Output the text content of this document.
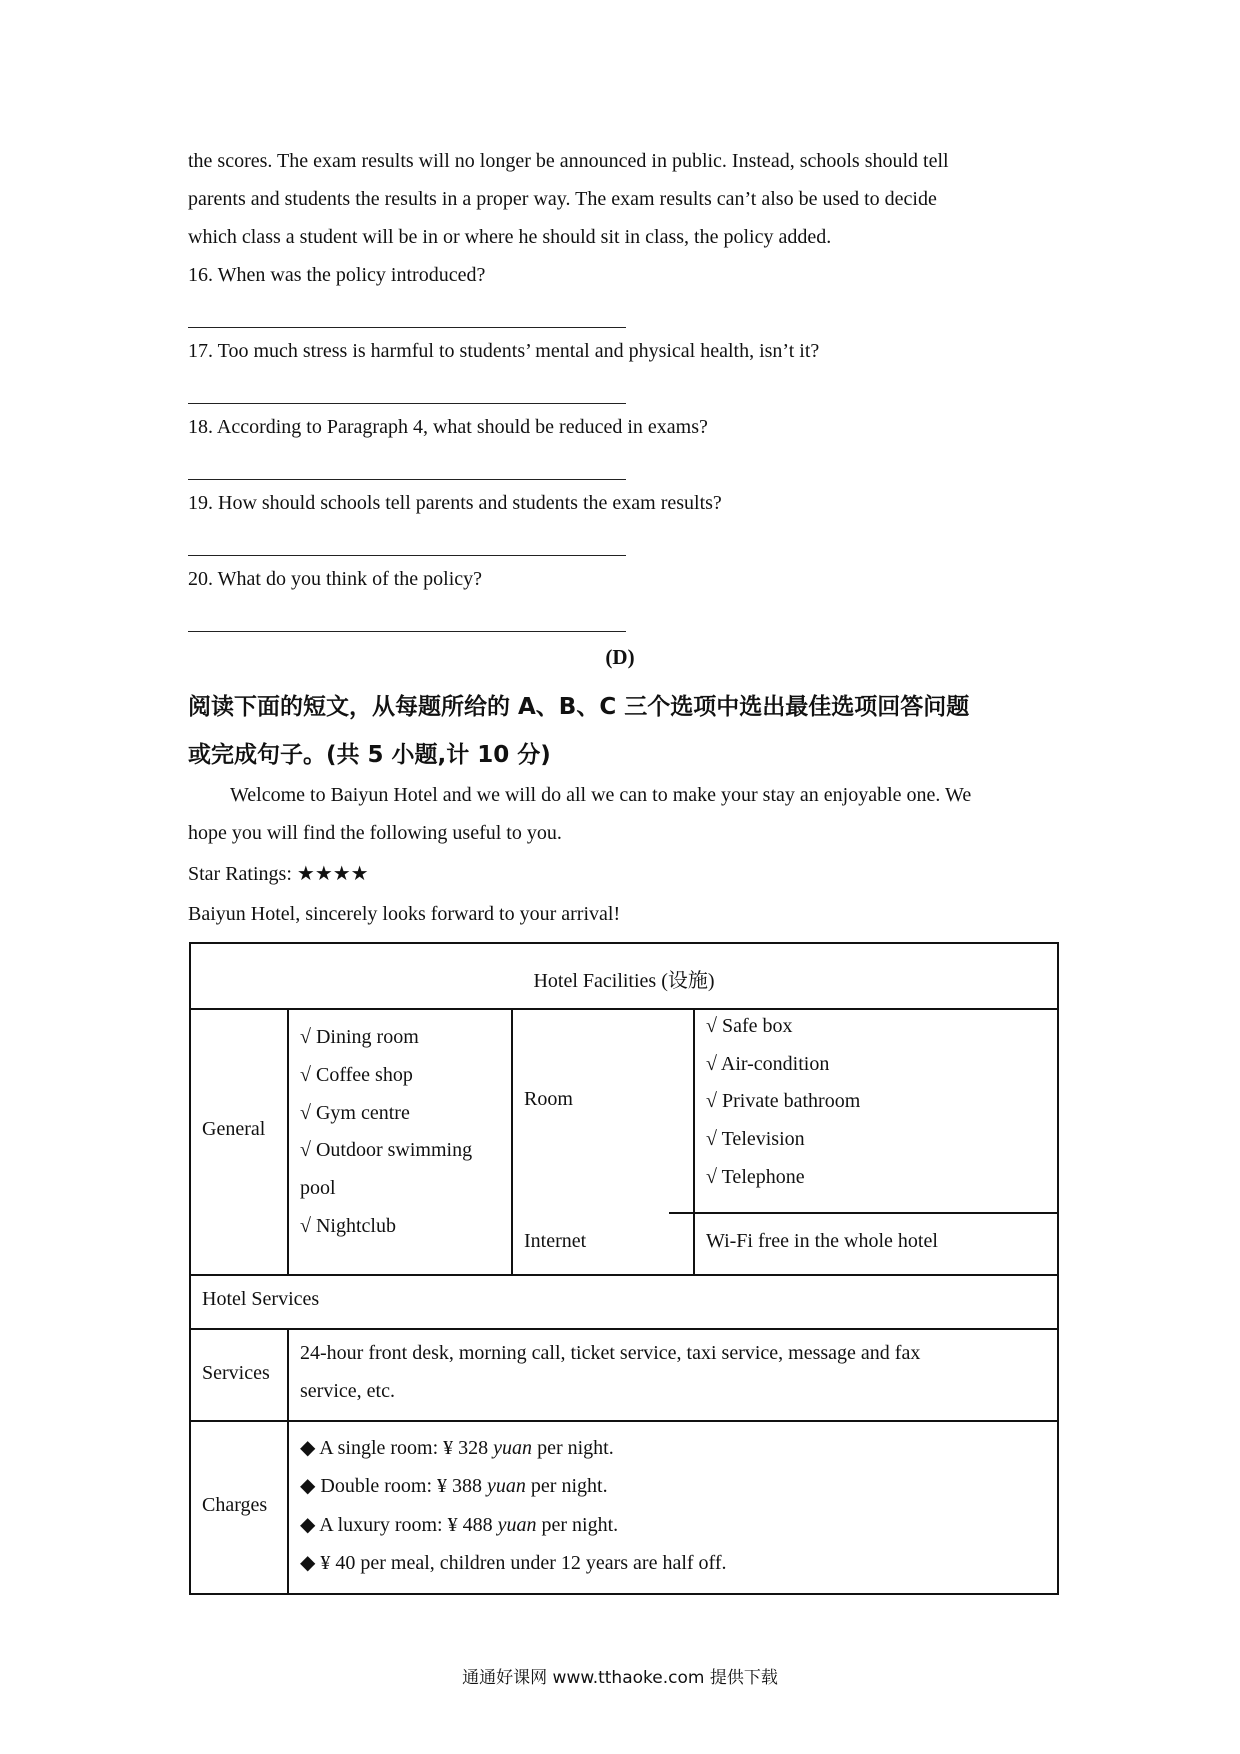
the scores. The exam results will no longer be announced in public. Instead, schools should tell
parents and students the results in a proper way. The exam results can’t also be used to decide
which class a student will be in or where he should sit in class, the policy added.
16. When was the policy introduced?
17. Too much stress is harmful to students’ mental and physical health, isn’t it?
18. According to Paragraph 4, what should be reduced in exams?
19. How should schools tell parents and students the exam results?
20. What do you think of the policy?
(D)
阅读下面的短文，从每题所给的 A、B、C 三个选项中选出最佳选项回答问题
或完成句子。(共 5 小题,计 10 分)
Welcome to Baiyun Hotel and we will do all we can to make your stay an enjoyable one. We
hope you will find the following useful to you.
Star Ratings: ★★★★
Baiyun Hotel, sincerely looks forward to your arrival!
Hotel Facilities (设施)
General
√ Dining room
√ Coffee shop
√ Gym centre
√ Outdoor swimming
pool
√ Nightclub
Room
√ Safe box
√ Air-condition
√ Private bathroom
√ Television
√ Telephone
Internet	Wi-Fi free in the whole hotel
Hotel Services
Services
24-hour front desk, morning call, ticket service, taxi service, message and fax
service, etc.
Charges
◆ A single room: ¥ 328 yuan per night.
◆ Double room: ¥ 388 yuan per night.
◆ A luxury room: ¥ 488 yuan per night.
◆ ¥ 40 per meal, children under 12 years are half off.
通通好课网 www.tthaoke.com 提供下载
